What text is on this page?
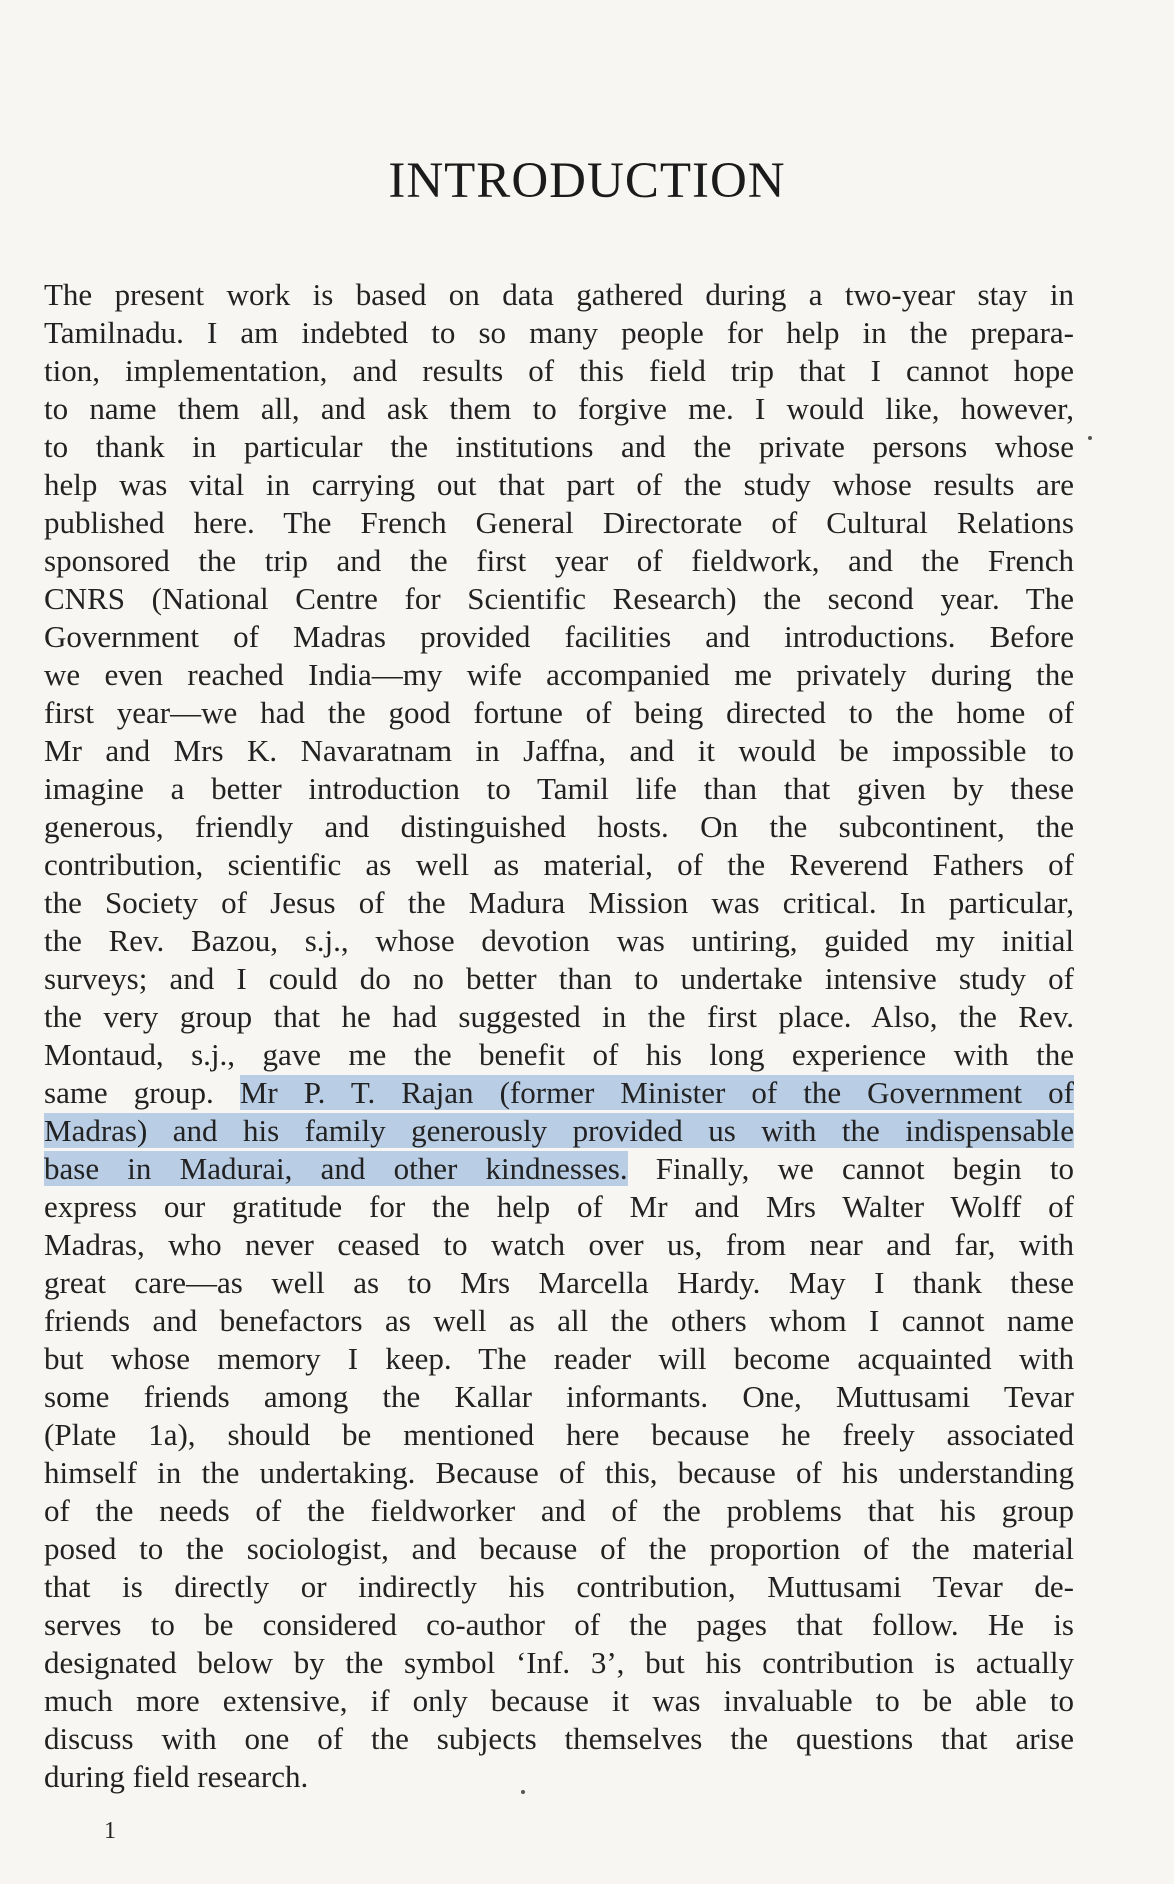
INTRODUCTION
The present work is based on data gathered during a two-year stay in
Tamilnadu. I am indebted to so many people for help in the prepara-
tion, implementation, and results of this field trip that I cannot hope
to name them all, and ask them to forgive me. I would like, however,
to thank in particular the institutions and the private persons whose
help was vital in carrying out that part of the study whose results are
published here. The French General Directorate of Cultural Relations
sponsored the trip and the first year of fieldwork, and the French
CNRS (National Centre for Scientific Research) the second year. The
Government of Madras provided facilities and introductions. Before
we even reached India—my wife accompanied me privately during the
first year—we had the good fortune of being directed to the home of
Mr and Mrs K. Navaratnam in Jaffna, and it would be impossible to
imagine a better introduction to Tamil life than that given by these
generous, friendly and distinguished hosts. On the subcontinent, the
contribution, scientific as well as material, of the Reverend Fathers of
the Society of Jesus of the Madura Mission was critical. In particular,
the Rev. Bazou, s.j., whose devotion was untiring, guided my initial
surveys; and I could do no better than to undertake intensive study of
the very group that he had suggested in the first place. Also, the Rev.
Montaud, s.j., gave me the benefit of his long experience with the
same group. Mr P. T. Rajan (former Minister of the Government of
Madras) and his family generously provided us with the indispensable
base in Madurai, and other kindnesses. Finally, we cannot begin to
express our gratitude for the help of Mr and Mrs Walter Wolff of
Madras, who never ceased to watch over us, from near and far, with
great care—as well as to Mrs Marcella Hardy. May I thank these
friends and benefactors as well as all the others whom I cannot name
but whose memory I keep. The reader will become acquainted with
some friends among the Kallar informants. One, Muttusami Tevar
(Plate 1a), should be mentioned here because he freely associated
himself in the undertaking. Because of this, because of his understanding
of the needs of the fieldworker and of the problems that his group
posed to the sociologist, and because of the proportion of the material
that is directly or indirectly his contribution, Muttusami Tevar de-
serves to be considered co-author of the pages that follow. He is
designated below by the symbol ‘Inf. 3’, but his contribution is actually
much more extensive, if only because it was invaluable to be able to
discuss with one of the subjects themselves the questions that arise
during field research.
1
